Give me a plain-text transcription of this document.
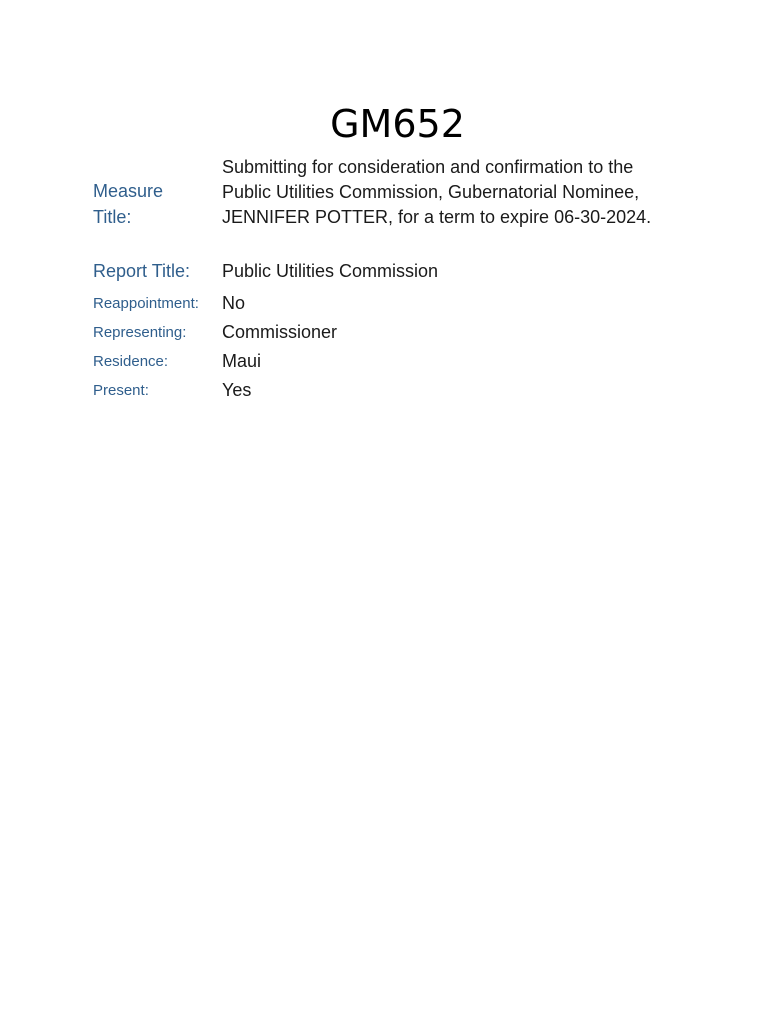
GM652
Measure Title:
Submitting for consideration and confirmation to the Public Utilities Commission, Gubernatorial Nominee, JENNIFER POTTER, for a term to expire 06-30-2024.
Report Title: Public Utilities Commission
Reappointment: No
Representing: Commissioner
Residence:	Maui
Present:	Yes
